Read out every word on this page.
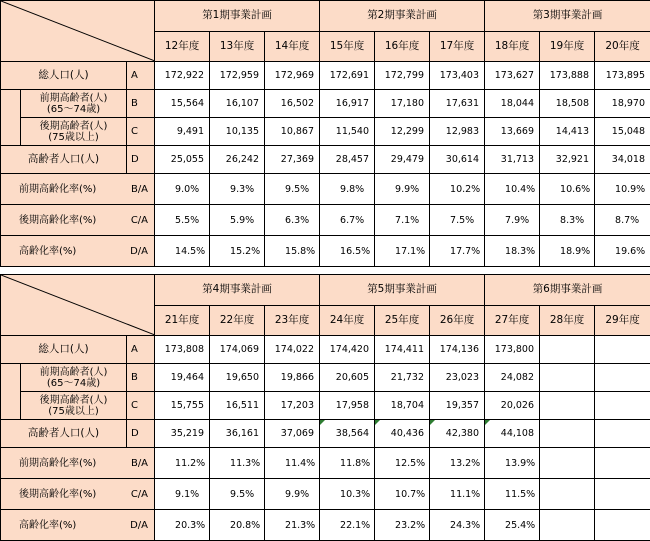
	第1期事業計画			第2期事業計画			第3期事業計画		
			12年度	13年度	14年度	15年度	16年度	17年度	18年度	19年度	20年度
総人口(人)		A	172,922	172,959	172,969	172,691	172,799	173,403	173,627	173,888	173,895

	前期高齢者(人)
(65～74歳)	B	15,564	16,107	16,502	16,917	17,180	17,631	18,044	18,508	18,970

	後期高齢者(人)
(75歳以上)	C	9,491	10,135	10,867	11,540	12,299	12,983	13,669	14,413	15,048
高齢者人口(人)		D	25,055	26,242	27,369	28,457	29,479	30,614	31,713	32,921	34,018

前期高齢化率(%) B/A			9.0%	9.3%	9.5%	9.8%	9.9%	10.2%	10.4%	10.6%	10.9%

後期高齢化率(%) C/A			5.5%	5.9%	6.3%	6.7%	7.1%	7.5%	7.9%	8.3%	8.7%

高齢化率(%) D/A			14.5%	15.2%	15.8%	16.5%	17.1%	17.7%	18.3%	18.9%	19.6%
	第4期事業計画			第5期事業計画			第6期事業計画		
			21年度	22年度	23年度	24年度	25年度	26年度	27年度	28年度	29年度
総人口(人)		A	173,808	174,069	174,022	174,420	174,411	174,136	173,800		

	前期高齢者(人)
(65～74歳)	B	19,464	19,650	19,866	20,605	21,732	23,023	24,082		

	後期高齢者(人)
(75歳以上)	C	15,755	16,511	17,203	17,958	18,704	19,357	20,026		
高齢者人口(人)		D	35,219	36,161	37,069	38,564	40,436	42,380	44,108

前期高齢化率(%) B/A			11.2%	11.3%	11.4%	11.8%	12.5%	13.2%	13.9%		

後期高齢化率(%) C/A			9.1%	9.5%	9.9%	10.3%	10.7%	11.1%	11.5%		

高齢化率(%) D/A			20.3%	20.8%	21.3%	22.1%	23.2%	24.3%	25.4%		
